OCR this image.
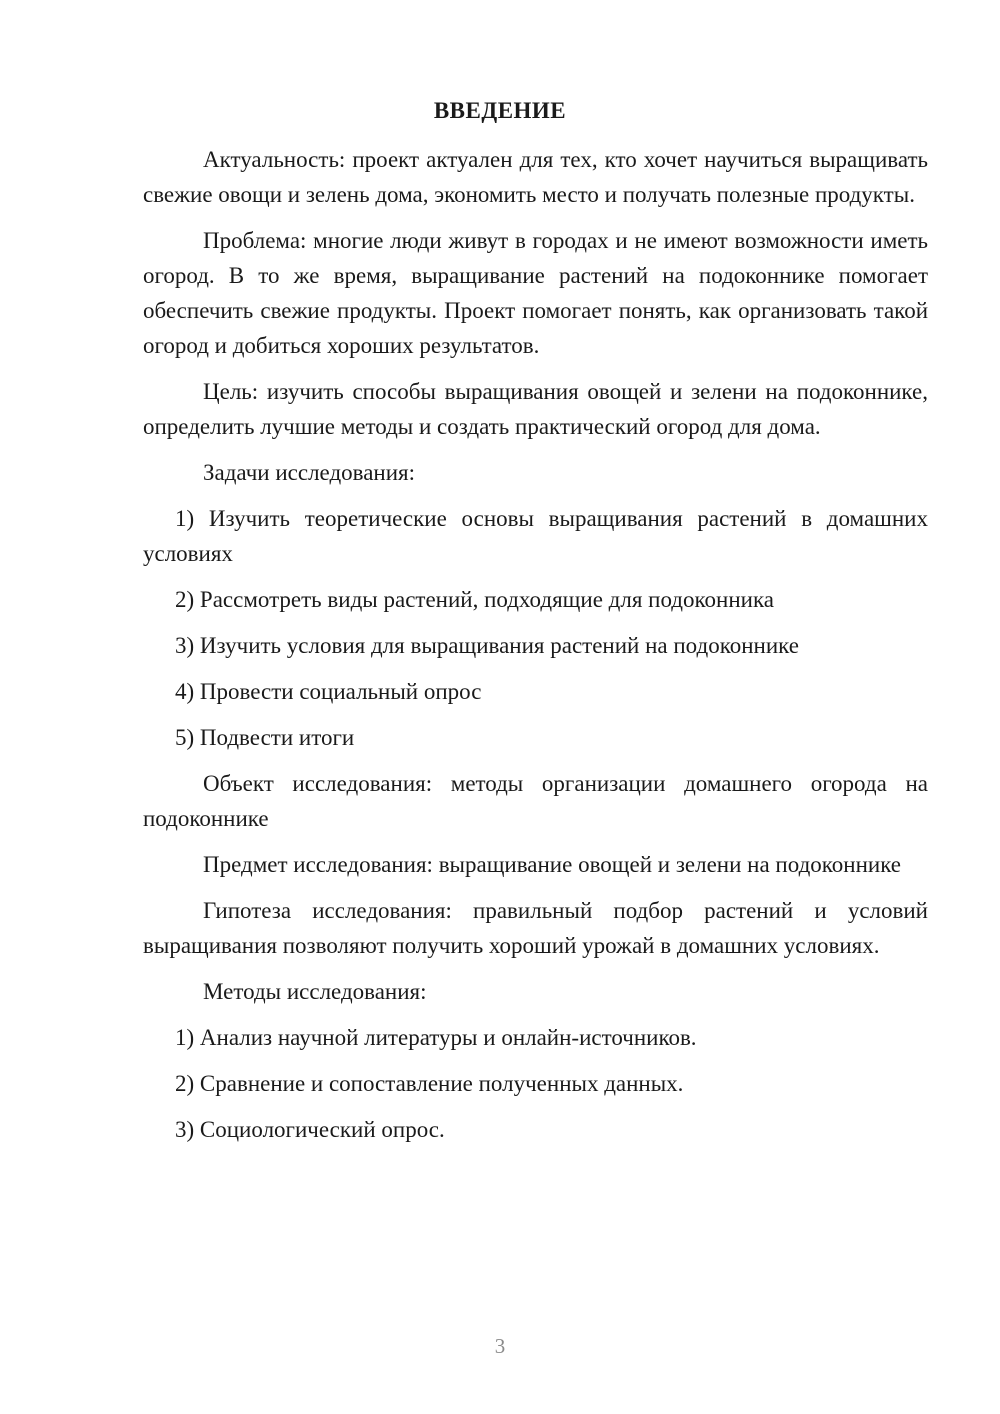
ВВЕДЕНИЕ

Актуальность: проект актуален для тех, кто хочет научиться выращивать свежие овощи и зелень дома, экономить место и получать полезные продукты.

Проблема: многие люди живут в городах и не имеют возможности иметь огород. В то же время, выращивание растений на подоконнике помогает обеспечить свежие продукты. Проект помогает понять, как организовать такой огород и добиться хороших результатов.

Цель: изучить способы выращивания овощей и зелени на подоконнике, определить лучшие методы и создать практический огород для дома.

Задачи исследования:

1) Изучить теоретические основы выращивания растений в домашних условиях

2) Рассмотреть виды растений, подходящие для подоконника

3) Изучить условия для выращивания растений на подоконнике

4) Провести социальный опрос

5) Подвести итоги

Объект исследования: методы организации домашнего огорода на подоконнике

Предмет исследования: выращивание овощей и зелени на подоконнике

Гипотеза исследования: правильный подбор растений и условий выращивания позволяют получить хороший урожай в домашних условиях.

Методы исследования:

1) Анализ научной литературы и онлайн-источников.

2) Сравнение и сопоставление полученных данных.

3) Социологический опрос.

3
